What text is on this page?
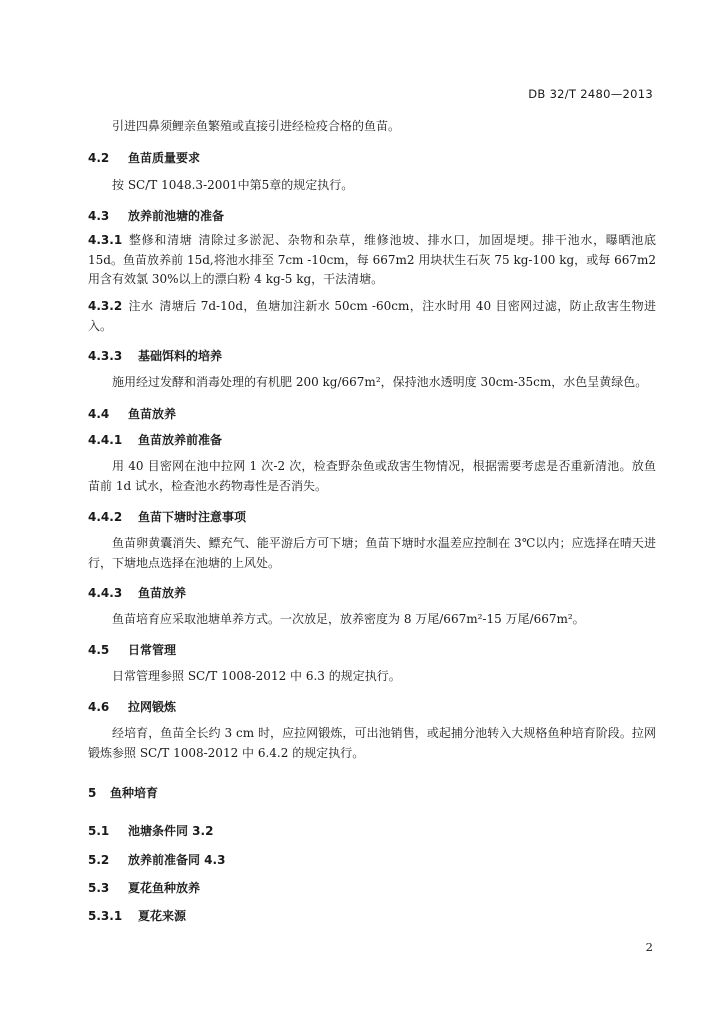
DB 32/T 2480—2013
引进四鼻须鲤亲鱼繁殖或直接引进经检疫合格的鱼苗。
4.2 鱼苗质量要求
按 SC/T 1048.3-2001中第5章的规定执行。
4.3 放养前池塘的准备
4.3.1 整修和清塘 清除过多淤泥、杂物和杂草，维修池坡、排水口，加固堤埂。排干池水，曝晒池底 15d。鱼苗放养前 15d,将池水排至 7cm -10cm，每 667m2 用块状生石灰 75 kg-100 kg，或每 667m2 用含有效氯 30%以上的漂白粉 4 kg-5 kg，干法清塘。
4.3.2 注水 清塘后 7d-10d，鱼塘加注新水 50cm -60cm，注水时用 40 目密网过滤，防止敌害生物进入。
4.3.3 基础饵料的培养
施用经过发酵和消毒处理的有机肥 200 kg/667m²，保持池水透明度 30cm-35cm，水色呈黄绿色。
4.4 鱼苗放养
4.4.1 鱼苗放养前准备
用 40 目密网在池中拉网 1 次-2 次，检查野杂鱼或敌害生物情况，根据需要考虑是否重新清池。放鱼苗前 1d 试水，检查池水药物毒性是否消失。
4.4.2 鱼苗下塘时注意事项
鱼苗卵黄囊消失、鳔充气、能平游后方可下塘；鱼苗下塘时水温差应控制在 3℃以内；应选择在晴天进行，下塘地点选择在池塘的上风处。
4.4.3 鱼苗放养
鱼苗培育应采取池塘单养方式。一次放足，放养密度为 8 万尾/667m²-15 万尾/667m²。
4.5 日常管理
日常管理参照 SC/T 1008-2012 中 6.3 的规定执行。
4.6 拉网锻炼
经培育，鱼苗全长约 3 cm 时，应拉网锻炼，可出池销售，或起捕分池转入大规格鱼种培育阶段。拉网锻炼参照 SC/T 1008-2012 中 6.4.2 的规定执行。
5 鱼种培育
5.1 池塘条件同 3.2
5.2 放养前准备同 4.3
5.3 夏花鱼种放养
5.3.1 夏花来源
2
